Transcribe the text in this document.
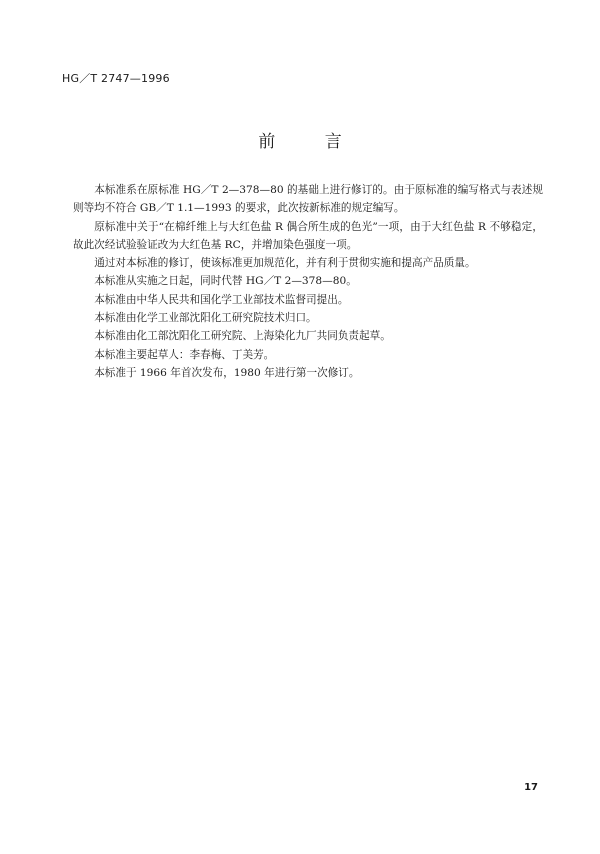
HG／T 2747—1996
前 言

本标准系在原标准 HG／T 2—378—80 的基础上进行修订的。由于原标准的编写格式与表述规则等均不符合 GB／T 1.1—1993 的要求，此次按新标准的规定编写。

原标准中关于“在棉纤维上与大红色盐 R 偶合所生成的色光”一项，由于大红色盐 R 不够稳定，故此次经试验验证改为大红色基 RC，并增加染色强度一项。

通过对本标准的修订，使该标准更加规范化，并有利于贯彻实施和提高产品质量。

本标准从实施之日起，同时代替 HG／T 2—378—80。

本标准由中华人民共和国化学工业部技术监督司提出。

本标准由化学工业部沈阳化工研究院技术归口。

本标准由化工部沈阳化工研究院、上海染化九厂共同负责起草。

本标准主要起草人：李春梅、丁美芳。

本标准于 1966 年首次发布，1980 年进行第一次修订。

17
